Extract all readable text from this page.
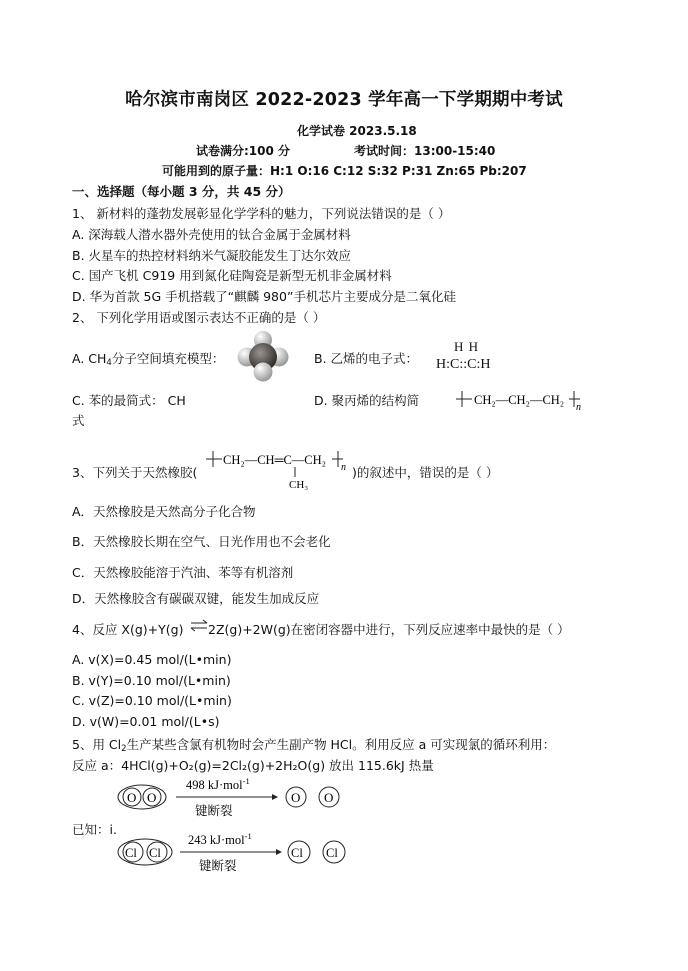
哈尔滨市南岗区 2022-2023 学年高一下学期期中考试
化学试卷 2023.5.18
试卷满分:100 分	考试时间：13:00-15:40
可能用到的原子量：H:1 O:16 C:12 S:32 P:31 Zn:65 Pb:207
一、选择题（每小题 3 分，共 45 分）
1、 新材料的蓬勃发展彰显化学学科的魅力，下列说法错误的是（ ）
A. 深海载人潜水器外壳使用的钛合金属于金属材料
B. 火星车的热控材料纳米气凝胶能发生丁达尔效应
C. 国产飞机 C919 用到氮化硅陶瓷是新型无机非金属材料
D. 华为首款 5G 手机搭载了“麒麟 980”手机芯片主要成分是二氧化硅
2、 下列化学用语或图示表达不正确的是（ ）
A. $CH_4$分子空间填充模型：	B. 乙烯的电子式：
H H
H:C::C:H
C. 苯的最简式： CH	D. 聚丙烯的结构简
式
CH₂—CH₂—CH₂
n
3、下列关于天然橡胶(
CH₂—CH═C—CH₂
n
CH₃
)的叙述中，错误的是（ ）
A．天然橡胶是天然高分子化合物
B．天然橡胶长期在空气、日光作用也不会老化
C．天然橡胶能溶于汽油、苯等有机溶剂
D．天然橡胶含有碳碳双键，能发生加成反应
4、反应 X(g)+Y(g) ⇌ 2Z(g)+2W(g)在密闭容器中进行，下列反应速率中最快的是（ ）
A. v(X)=0.45 mol/(L•min)
B. v(Y)=0.10 mol/(L•min)
C. v(Z)=0.10 mol/(L•min)
D. v(W)=0.01 mol/(L•s)
5、用 $Cl_2$生产某些含氯有机物时会产生副产物 HCl。利用反应 a 可实现氯的循环利用：
反应 a：4HCl(g)+O₂(g)=2Cl₂(g)+2H₂O(g) 放出 115.6kJ 热量
O O
498 kJ·mol$^{-1}$
键断裂
O O
已知：i.
Cl Cl
243 kJ·mol$^{-1}$
键断裂
Cl Cl
